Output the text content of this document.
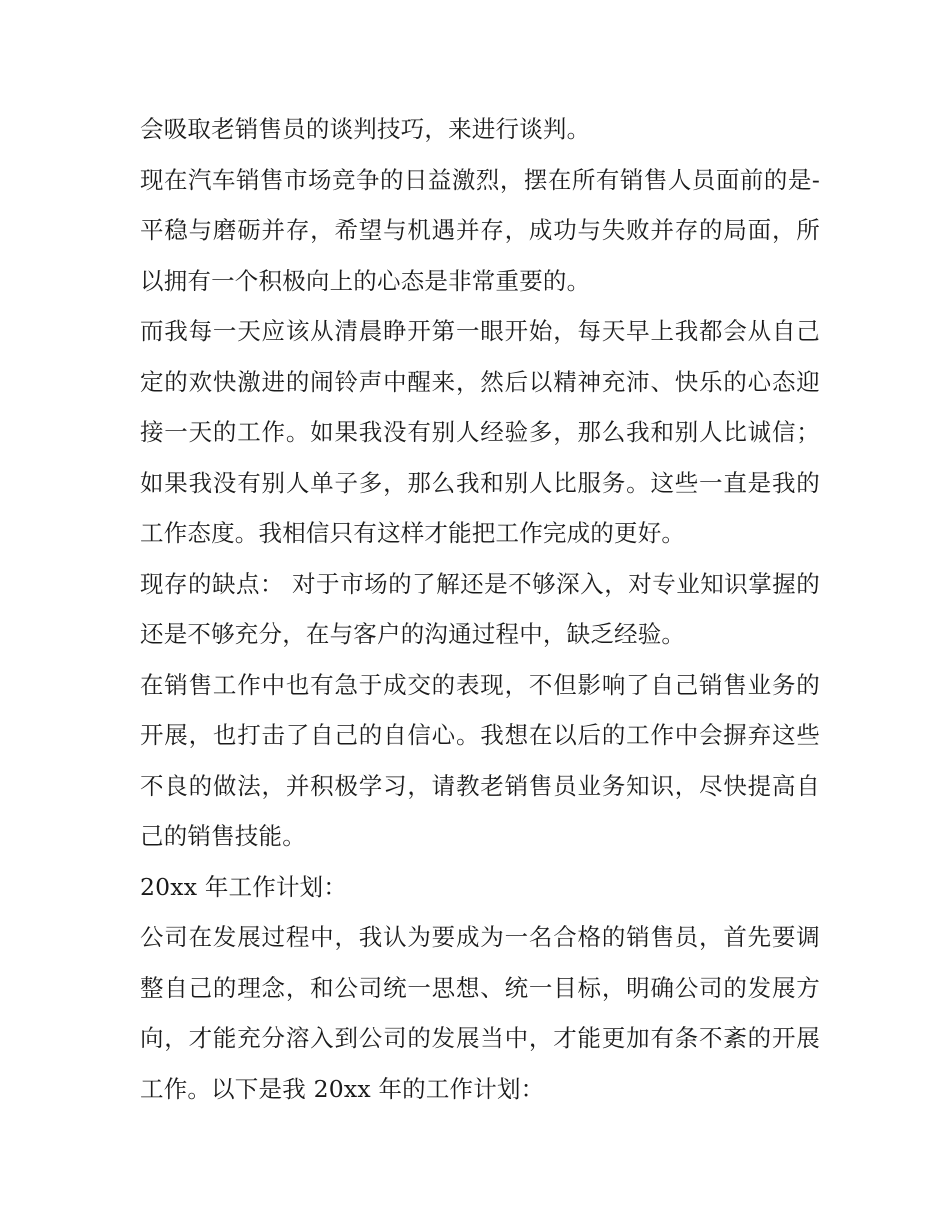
会吸取老销售员的谈判技巧，来进行谈判。

现在汽车销售市场竞争的日益激烈，摆在所有销售人员面前的是-平稳与磨砺并存，希望与机遇并存，成功与失败并存的局面，所以拥有一个积极向上的心态是非常重要的。

而我每一天应该从清晨睁开第一眼开始，每天早上我都会从自己定的欢快激进的闹铃声中醒来，然后以精神充沛、快乐的心态迎接一天的工作。如果我没有别人经验多，那么我和别人比诚信；如果我没有别人单子多，那么我和别人比服务。这些一直是我的工作态度。我相信只有这样才能把工作完成的更好。

现存的缺点： 对于市场的了解还是不够深入，对专业知识掌握的还是不够充分，在与客户的沟通过程中，缺乏经验。

在销售工作中也有急于成交的表现，不但影响了自己销售业务的开展，也打击了自己的自信心。我想在以后的工作中会摒弃这些不良的做法，并积极学习，请教老销售员业务知识，尽快提高自己的销售技能。

20xx 年工作计划：

公司在发展过程中，我认为要成为一名合格的销售员，首先要调整自己的理念，和公司统一思想、统一目标，明确公司的发展方向，才能充分溶入到公司的发展当中，才能更加有条不紊的开展工作。以下是我 20xx 年的工作计划：
